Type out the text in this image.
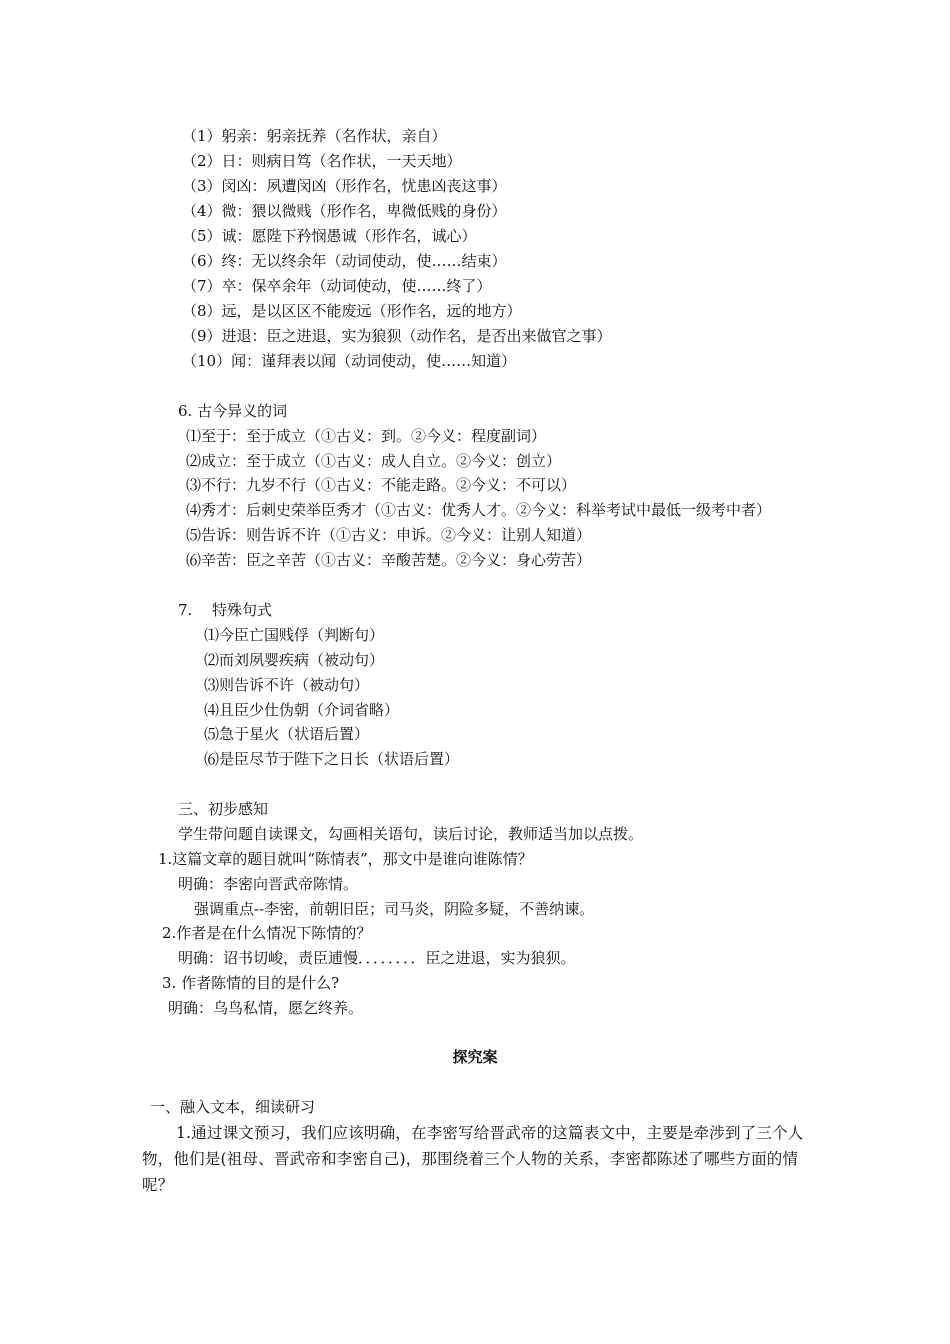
（1）躬亲：躬亲抚养（名作状，亲自）
（2）日：则病日笃（名作状，一天天地）
（3）闵凶：夙遭闵凶（形作名，忧患凶丧这事）
（4）微：猥以微贱（形作名，卑微低贱的身份）
（5）诚：愿陛下矜悯愚诚（形作名，诚心）
（6）终：无以终余年（动词使动，使……结束）
（7）卒：保卒余年（动词使动，使……终了）
（8）远，是以区区不能废远（形作名，远的地方）
（9）进退：臣之进退，实为狼狈（动作名，是否出来做官之事）
（10）闻：谨拜表以闻（动词使动，使……知道）
6. 古今异义的词
⑴至于：至于成立（①古义：到。②今义：程度副词）
⑵成立：至于成立（①古义：成人自立。②今义：创立）
⑶不行：九岁不行（①古义：不能走路。②今义：不可以）
⑷秀才：后刺史荣举臣秀才（①古义：优秀人才。②今义：科举考试中最低一级考中者）
⑸告诉：则告诉不许（①古义：申诉。②今义：让别人知道）
⑹辛苦：臣之辛苦（①古义：辛酸苦楚。②今义：身心劳苦）
7. 特殊句式
⑴今臣亡国贱俘（判断句）
⑵而刘夙婴疾病（被动句）
⑶则告诉不许（被动句）
⑷且臣少仕伪朝（介词省略）
⑸急于星火（状语后置）
⑹是臣尽节于陛下之日长（状语后置）
三、初步感知
学生带问题自读课文，勾画相关语句，读后讨论，教师适当加以点拨。
1.这篇文章的题目就叫“陈情表”，那文中是谁向谁陈情？
明确：李密向晋武帝陈情。
强调重点--李密，前朝旧臣；司马炎，阴险多疑，不善纳谏。
2.作者是在什么情况下陈情的？
明确：诏书切峻，责臣逋慢．．．．．．．．臣之进退，实为狼狈。
3. 作者陈情的目的是什么?
明确：乌鸟私情，愿乞终养。
探究案
一、融入文本，细读研习
1.通过课文预习，我们应该明确，在李密写给晋武帝的这篇表文中，主要是牵涉到了三个人物，他们是(祖母、晋武帝和李密自己)，那围绕着三个人物的关系，李密都陈述了哪些方面的情呢？
